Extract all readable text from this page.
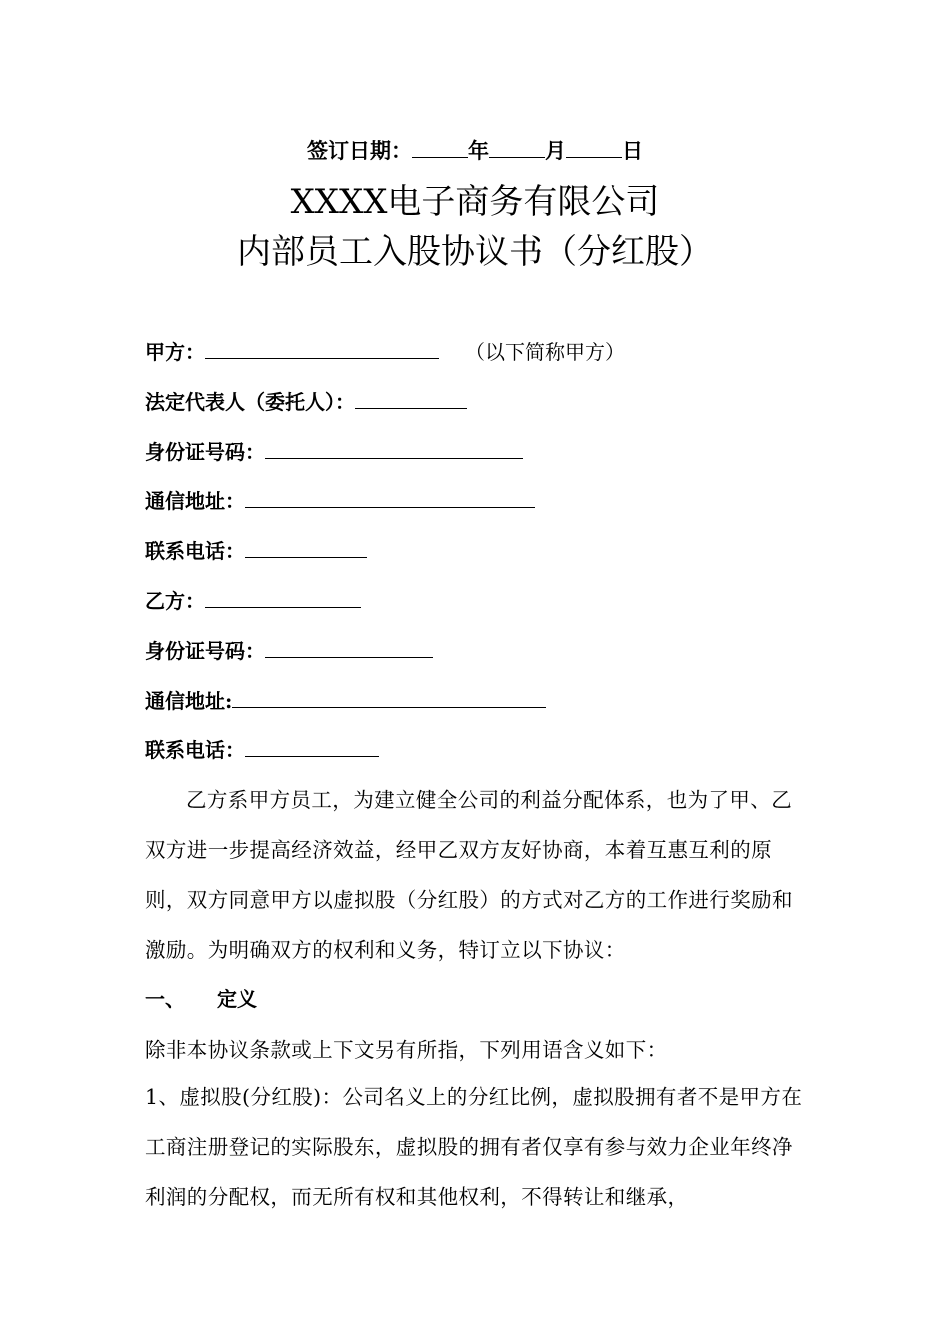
签订日期：	年	月	日
XXXX电子商务有限公司
内部员工入股协议书（分红股）
甲方：	（以下简称甲方）
法定代表人（委托人）：
身份证号码：
通信地址：
联系电话：
乙方：
身份证号码：
通信地址:
联系电话：
乙方系甲方员工，为建立健全公司的利益分配体系，也为了甲、乙双方进一步提高经济效益，经甲乙双方友好协商，本着互惠互利的原则，双方同意甲方以虚拟股（分红股）的方式对乙方的工作进行奖励和激励。为明确双方的权利和义务，特订立以下协议：
一、 定义
除非本协议条款或上下文另有所指，下列用语含义如下：
1、虚拟股(分红股)：公司名义上的分红比例，虚拟股拥有者不是甲方在工商注册登记的实际股东，虚拟股的拥有者仅享有参与效力企业年终净利润的分配权，而无所有权和其他权利，不得转让和继承，
